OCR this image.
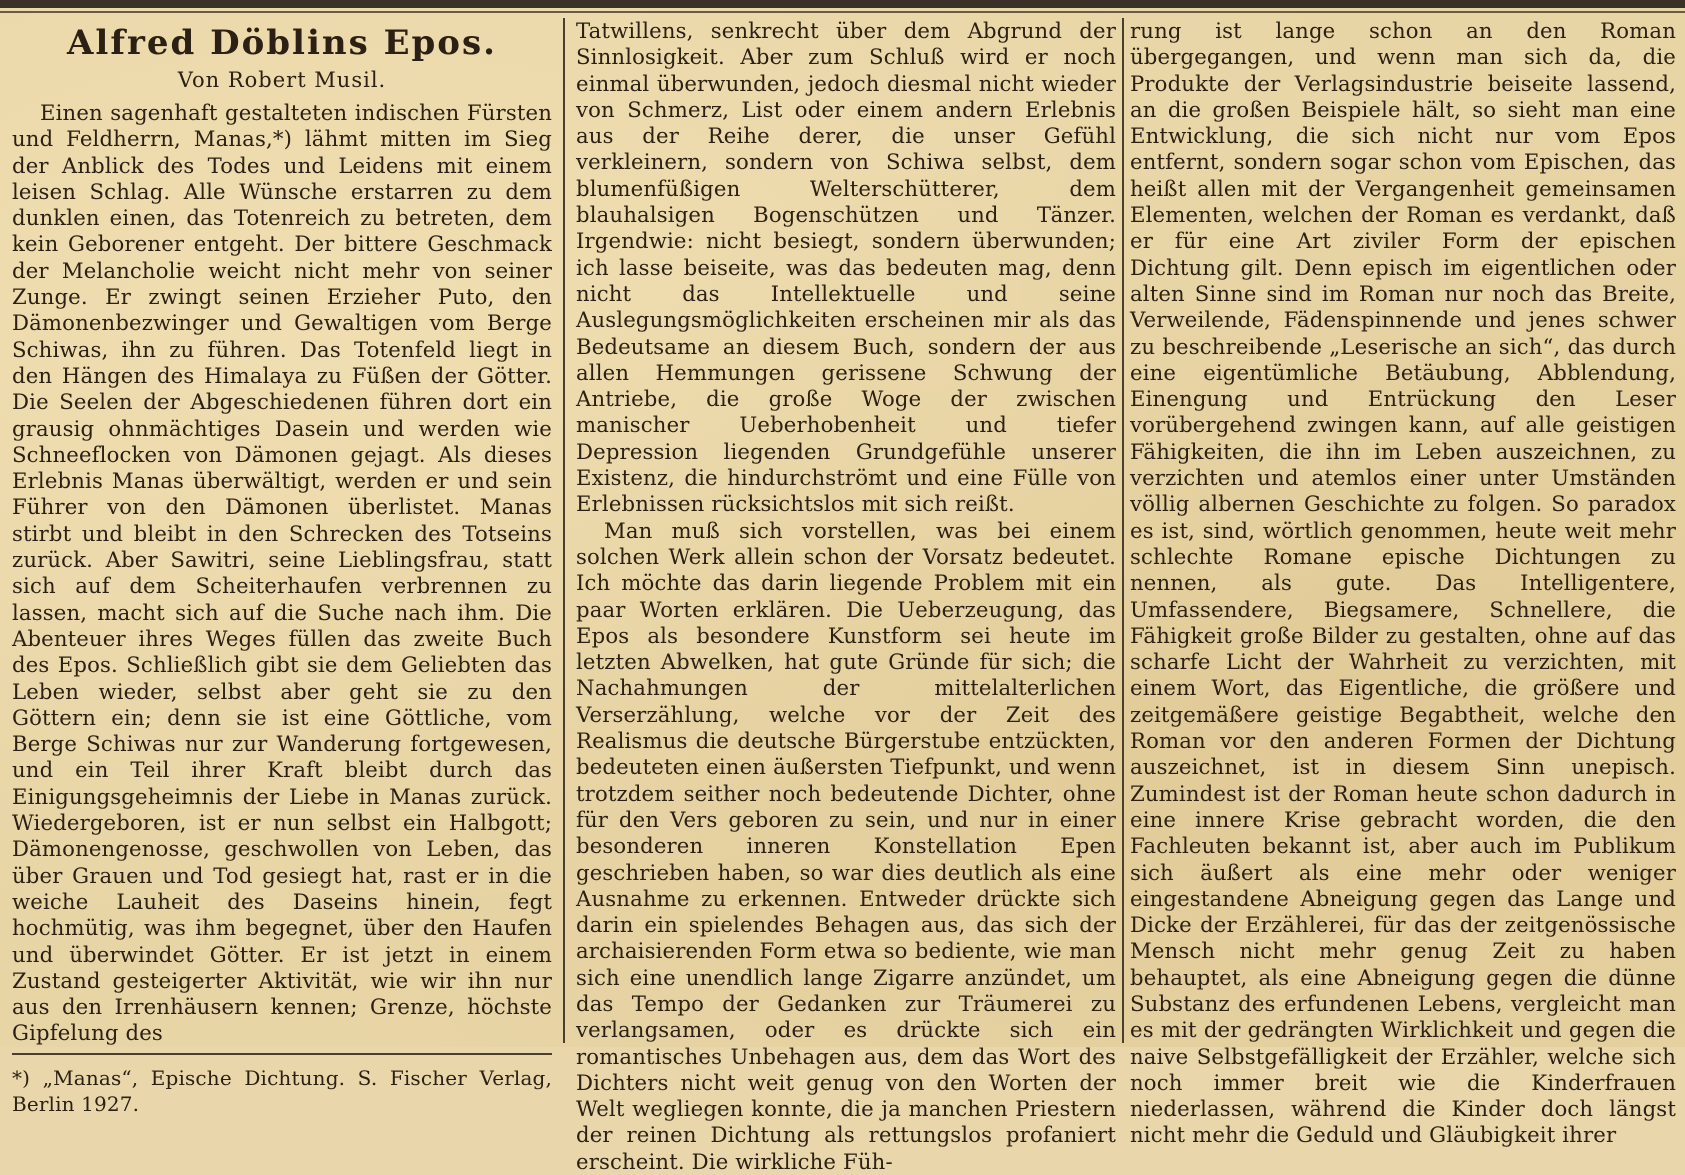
Alfred Döblins Epos.
Von Robert Musil.

Einen sagenhaft gestalteten indischen Fürsten und Feldherrn, Manas,*) lähmt mitten im Sieg der Anblick des Todes und Leidens mit einem leisen Schlag. Alle Wünsche erstarren zu dem dunklen einen, das Totenreich zu betreten, dem kein Geborener entgeht. Der bittere Geschmack der Melancholie weicht nicht mehr von seiner Zunge. Er zwingt seinen Erzieher Puto, den Dämonenbezwinger und Gewaltigen vom Berge Schiwas, ihn zu führen. Das Totenfeld liegt in den Hängen des Himalaya zu Füßen der Götter. Die Seelen der Abgeschiedenen führen dort ein grausig ohnmächtiges Dasein und werden wie Schneeflocken von Dämonen gejagt. Als dieses Erlebnis Manas überwältigt, werden er und sein Führer von den Dämonen überlistet. Manas stirbt und bleibt in den Schrecken des Totseins zurück. Aber Sawitri, seine Lieblingsfrau, statt sich auf dem Scheiterhaufen verbrennen zu lassen, macht sich auf die Suche nach ihm. Die Abenteuer ihres Weges füllen das zweite Buch des Epos. Schließlich gibt sie dem Geliebten das Leben wieder, selbst aber geht sie zu den Göttern ein; denn sie ist eine Göttliche, vom Berge Schiwas nur zur Wanderung fortgewesen, und ein Teil ihrer Kraft bleibt durch das Einigungsgeheimnis der Liebe in Manas zurück. Wiedergeboren, ist er nun selbst ein Halbgott; Dämonengenosse, geschwollen von Leben, das über Grauen und Tod gesiegt hat, rast er in die weiche Lauheit des Daseins hinein, fegt hochmütig, was ihm begegnet, über den Haufen und überwindet Götter. Er ist jetzt in einem Zustand gesteigerter Aktivität, wie wir ihn nur aus den Irrenhäusern kennen; Grenze, höchste Gipfelung des

*) „Manas“, Epische Dichtung. S. Fischer Verlag, Berlin 1927.

Tatwillens, senkrecht über dem Abgrund der Sinnlosigkeit. Aber zum Schluß wird er noch einmal überwunden, jedoch diesmal nicht wieder von Schmerz, List oder einem andern Erlebnis aus der Reihe derer, die unser Gefühl verkleinern, sondern von Schiwa selbst, dem blumenfüßigen Welterschütterer, dem blauhalsigen Bogenschützen und Tänzer. Irgendwie: nicht besiegt, sondern überwunden; ich lasse beiseite, was das bedeuten mag, denn nicht das Intellektuelle und seine Auslegungsmöglichkeiten erscheinen mir als das Bedeutsame an diesem Buch, sondern der aus allen Hemmungen gerissene Schwung der Antriebe, die große Woge der zwischen manischer Ueberhobenheit und tiefer Depression liegenden Grundgefühle unserer Existenz, die hindurchströmt und eine Fülle von Erlebnissen rücksichtslos mit sich reißt.

Man muß sich vorstellen, was bei einem solchen Werk allein schon der Vorsatz bedeutet. Ich möchte das darin liegende Problem mit ein paar Worten erklären. Die Ueberzeugung, das Epos als besondere Kunstform sei heute im letzten Abwelken, hat gute Gründe für sich; die Nachahmungen der mittelalterlichen Verserzählung, welche vor der Zeit des Realismus die deutsche Bürgerstube entzückten, bedeuteten einen äußersten Tiefpunkt, und wenn trotzdem seither noch bedeutende Dichter, ohne für den Vers geboren zu sein, und nur in einer besonderen inneren Konstellation Epen geschrieben haben, so war dies deutlich als eine Ausnahme zu erkennen. Entweder drückte sich darin ein spielendes Behagen aus, das sich der archaisierenden Form etwa so bediente, wie man sich eine unendlich lange Zigarre anzündet, um das Tempo der Gedanken zur Träumerei zu verlangsamen, oder es drückte sich ein romantisches Unbehagen aus, dem das Wort des Dichters nicht weit genug von den Worten der Welt wegliegen konnte, die ja manchen Priestern der reinen Dichtung als rettungslos profaniert erscheint. Die wirkliche Füh-

rung ist lange schon an den Roman übergegangen, und wenn man sich da, die Produkte der Verlagsindustrie beiseite lassend, an die großen Beispiele hält, so sieht man eine Entwicklung, die sich nicht nur vom Epos entfernt, sondern sogar schon vom Epischen, das heißt allen mit der Vergangenheit gemeinsamen Elementen, welchen der Roman es verdankt, daß er für eine Art ziviler Form der epischen Dichtung gilt. Denn episch im eigentlichen oder alten Sinne sind im Roman nur noch das Breite, Verweilende, Fädenspinnende und jenes schwer zu beschreibende „Leserische an sich“, das durch eine eigentümliche Betäubung, Abblendung, Einengung und Entrückung den Leser vorübergehend zwingen kann, auf alle geistigen Fähigkeiten, die ihn im Leben auszeichnen, zu verzichten und atemlos einer unter Umständen völlig albernen Geschichte zu folgen. So paradox es ist, sind, wörtlich genommen, heute weit mehr schlechte Romane epische Dichtungen zu nennen, als gute. Das Intelligentere, Umfassendere, Biegsamere, Schnellere, die Fähigkeit große Bilder zu gestalten, ohne auf das scharfe Licht der Wahrheit zu verzichten, mit einem Wort, das Eigentliche, die größere und zeitgemäßere geistige Begabtheit, welche den Roman vor den anderen Formen der Dichtung auszeichnet, ist in diesem Sinn unepisch. Zumindest ist der Roman heute schon dadurch in eine innere Krise gebracht worden, die den Fachleuten bekannt ist, aber auch im Publikum sich äußert als eine mehr oder weniger eingestandene Abneigung gegen das Lange und Dicke der Erzählerei, für das der zeitgenössische Mensch nicht mehr genug Zeit zu haben behauptet, als eine Abneigung gegen die dünne Substanz des erfundenen Lebens, vergleicht man es mit der gedrängten Wirklichkeit und gegen die naive Selbstgefälligkeit der Erzähler, welche sich noch immer breit wie die Kinderfrauen niederlassen, während die Kinder doch längst nicht mehr die Geduld und Gläubigkeit ihrer
